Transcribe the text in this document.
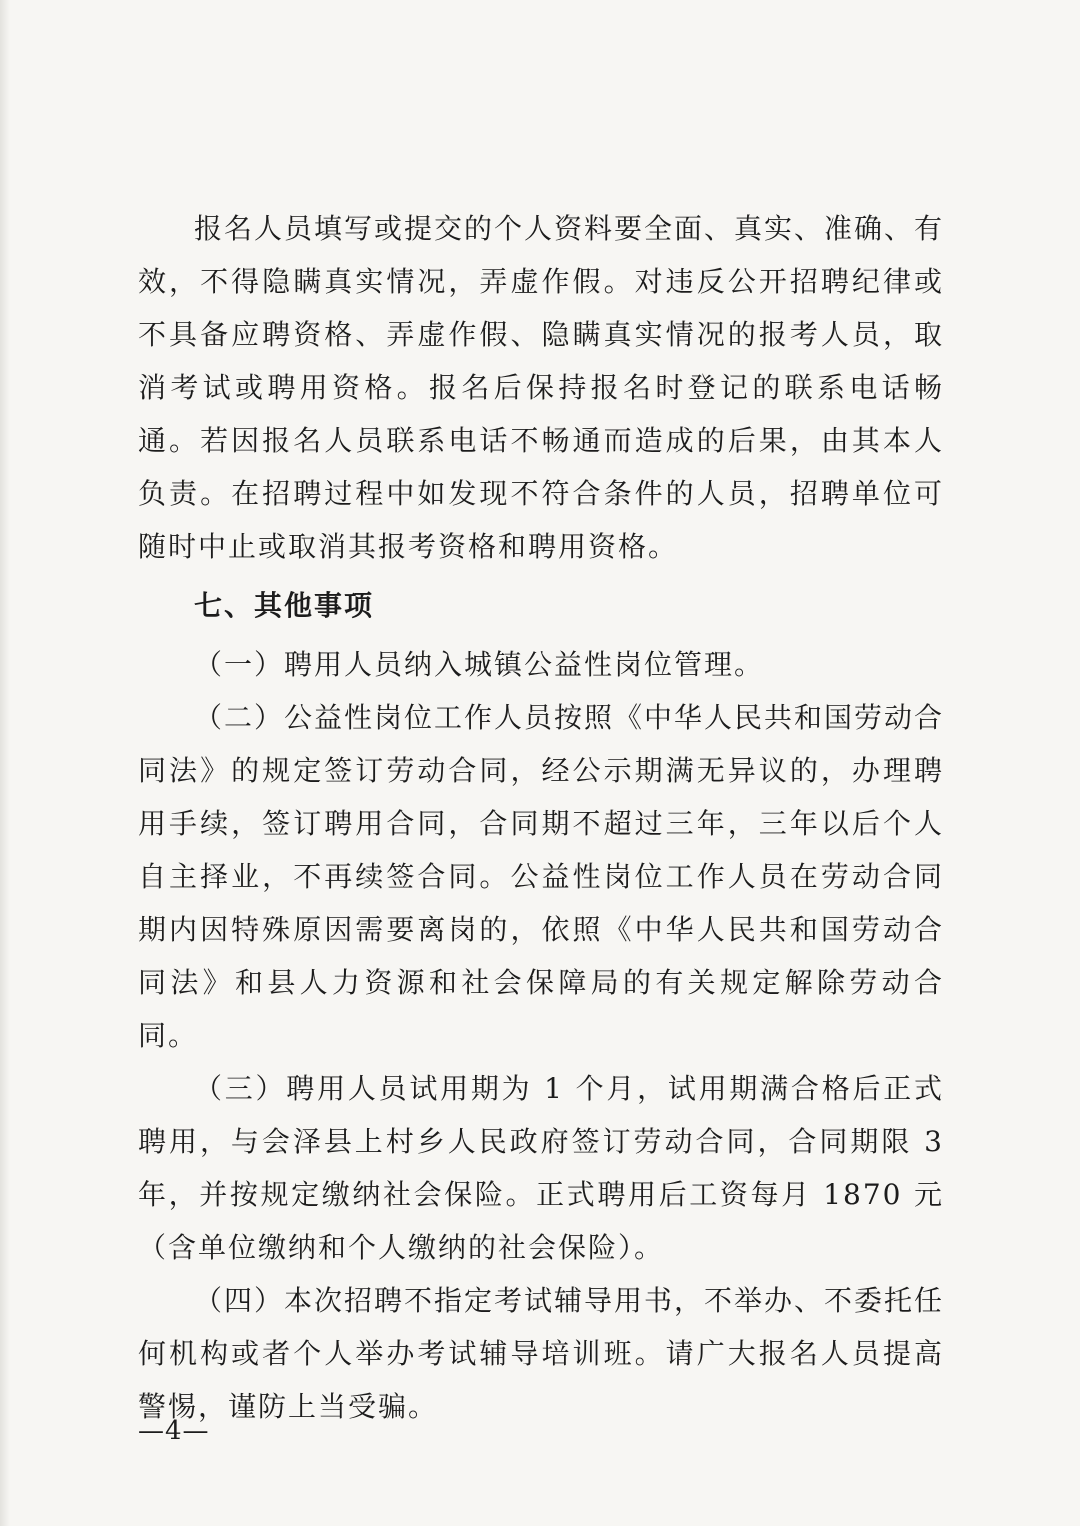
报名人员填写或提交的个人资料要全面、真实、准确、有效，不得隐瞒真实情况，弄虚作假。对违反公开招聘纪律或不具备应聘资格、弄虚作假、隐瞒真实情况的报考人员，取消考试或聘用资格。报名后保持报名时登记的联系电话畅通。若因报名人员联系电话不畅通而造成的后果，由其本人负责。在招聘过程中如发现不符合条件的人员，招聘单位可随时中止或取消其报考资格和聘用资格。

七、其他事项

（一）聘用人员纳入城镇公益性岗位管理。

（二）公益性岗位工作人员按照《中华人民共和国劳动合同法》的规定签订劳动合同，经公示期满无异议的，办理聘用手续，签订聘用合同，合同期不超过三年，三年以后个人自主择业，不再续签合同。公益性岗位工作人员在劳动合同期内因特殊原因需要离岗的，依照《中华人民共和国劳动合同法》和县人力资源和社会保障局的有关规定解除劳动合同。

（三）聘用人员试用期为 1 个月，试用期满合格后正式聘用，与会泽县上村乡人民政府签订劳动合同，合同期限 3 年，并按规定缴纳社会保险。正式聘用后工资每月 1870 元（含单位缴纳和个人缴纳的社会保险）。

（四）本次招聘不指定考试辅导用书，不举办、不委托任何机构或者个人举办考试辅导培训班。请广大报名人员提高警惕，谨防上当受骗。

—4—
